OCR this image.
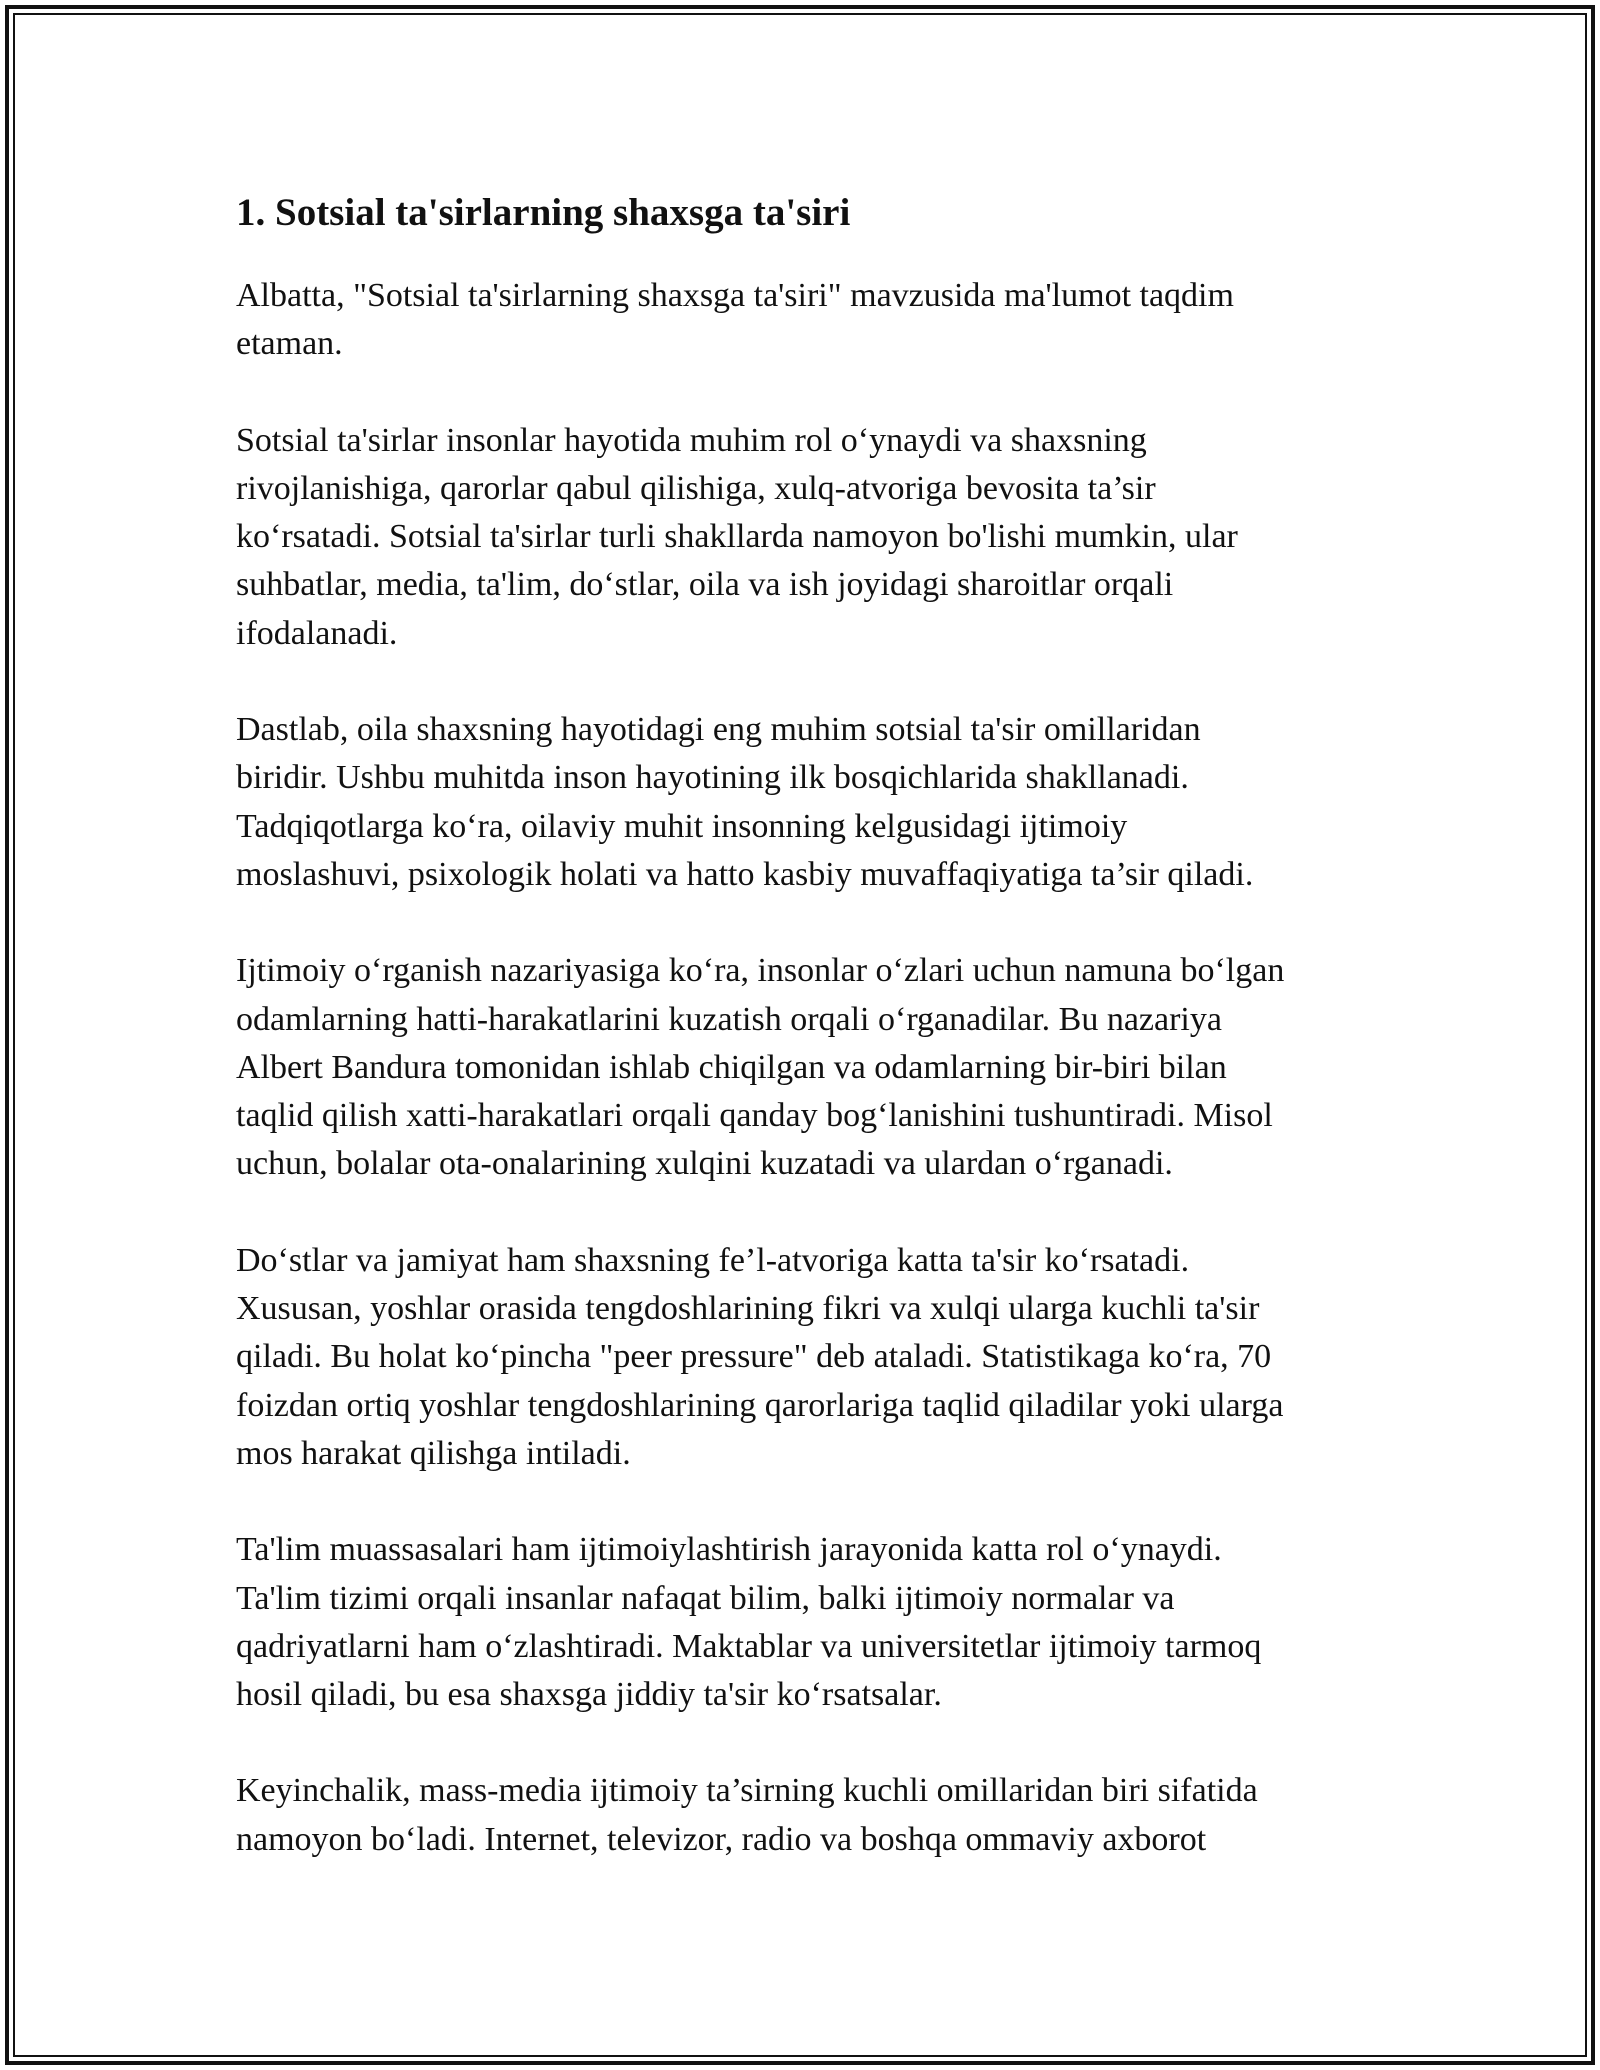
1. Sotsial ta'sirlarning shaxsga ta'siri

Albatta, "Sotsial ta'sirlarning shaxsga ta'siri" mavzusida ma'lumot taqdim
etaman.

Sotsial ta'sirlar insonlar hayotida muhim rol o‘ynaydi va shaxsning
rivojlanishiga, qarorlar qabul qilishiga, xulq-atvoriga bevosita ta’sir
ko‘rsatadi. Sotsial ta'sirlar turli shakllarda namoyon bo'lishi mumkin, ular
suhbatlar, media, ta'lim, do‘stlar, oila va ish joyidagi sharoitlar orqali
ifodalanadi.

Dastlab, oila shaxsning hayotidagi eng muhim sotsial ta'sir omillaridan
biridir. Ushbu muhitda inson hayotining ilk bosqichlarida shakllanadi.
Tadqiqotlarga ko‘ra, oilaviy muhit insonning kelgusidagi ijtimoiy
moslashuvi, psixologik holati va hatto kasbiy muvaffaqiyatiga ta’sir qiladi.

Ijtimoiy o‘rganish nazariyasiga ko‘ra, insonlar o‘zlari uchun namuna bo‘lgan
odamlarning hatti-harakatlarini kuzatish orqali o‘rganadilar. Bu nazariya
Albert Bandura tomonidan ishlab chiqilgan va odamlarning bir-biri bilan
taqlid qilish xatti-harakatlari orqali qanday bog‘lanishini tushuntiradi. Misol
uchun, bolalar ota-onalarining xulqini kuzatadi va ulardan o‘rganadi.

Do‘stlar va jamiyat ham shaxsning fe’l-atvoriga katta ta'sir ko‘rsatadi.
Xususan, yoshlar orasida tengdoshlarining fikri va xulqi ularga kuchli ta'sir
qiladi. Bu holat ko‘pincha "peer pressure" deb ataladi. Statistikaga ko‘ra, 70
foizdan ortiq yoshlar tengdoshlarining qarorlariga taqlid qiladilar yoki ularga
mos harakat qilishga intiladi.

Ta'lim muassasalari ham ijtimoiylashtirish jarayonida katta rol o‘ynaydi.
Ta'lim tizimi orqali insanlar nafaqat bilim, balki ijtimoiy normalar va
qadriyatlarni ham o‘zlashtiradi. Maktablar va universitetlar ijtimoiy tarmoq
hosil qiladi, bu esa shaxsga jiddiy ta'sir ko‘rsatsalar.

Keyinchalik, mass-media ijtimoiy ta’sirning kuchli omillaridan biri sifatida
namoyon bo‘ladi. Internet, televizor, radio va boshqa ommaviy axborot
